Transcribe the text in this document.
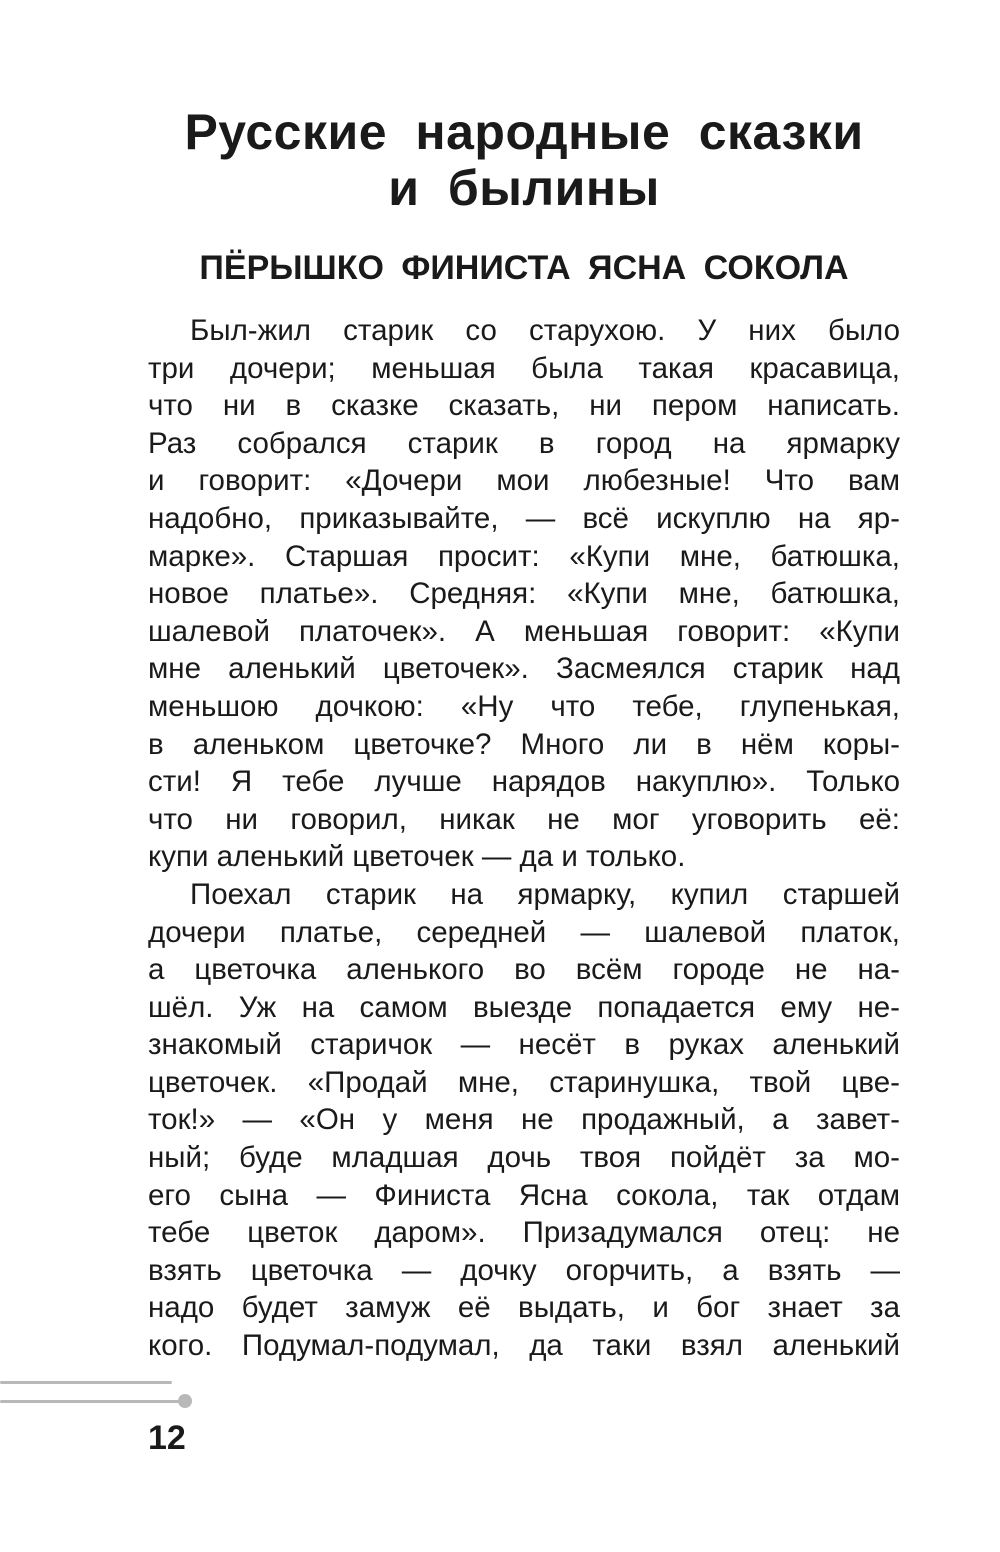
Русские народные сказки
и былины
ПЁРЫШКО ФИНИСТА ЯСНА СОКОЛА
Был-жил старик со старухою. У них было
три дочери; меньшая была такая красавица,
что ни в сказке сказать, ни пером написать.
Раз собрался старик в город на ярмарку
и говорит: «Дочери мои любезные! Что вам
надобно, приказывайте, — всё искуплю на яр-
марке». Старшая просит: «Купи мне, батюшка,
новое платье». Средняя: «Купи мне, батюшка,
шалевой платочек». А меньшая говорит: «Купи
мне аленький цветочек». Засмеялся старик над
меньшою дочкою: «Ну что тебе, глупенькая,
в аленьком цветочке? Много ли в нём коры-
сти! Я тебе лучше нарядов накуплю». Только
что ни говорил, никак не мог уговорить её:
купи аленький цветочек — да и только.
Поехал старик на ярмарку, купил старшей
дочери платье, середней — шалевой платок,
а цветочка аленького во всём городе не на-
шёл. Уж на самом выезде попадается ему не-
знакомый старичок — несёт в руках аленький
цветочек. «Продай мне, старинушка, твой цве-
ток!» — «Он у меня не продажный, а завет-
ный; буде младшая дочь твоя пойдёт за мо-
его сына — Финиста Ясна сокола, так отдам
тебе цветок даром». Призадумался отец: не
взять цветочка — дочку огорчить, а взять —
надо будет замуж её выдать, и бог знает за
кого. Подумал-подумал, да таки взял аленький
12
